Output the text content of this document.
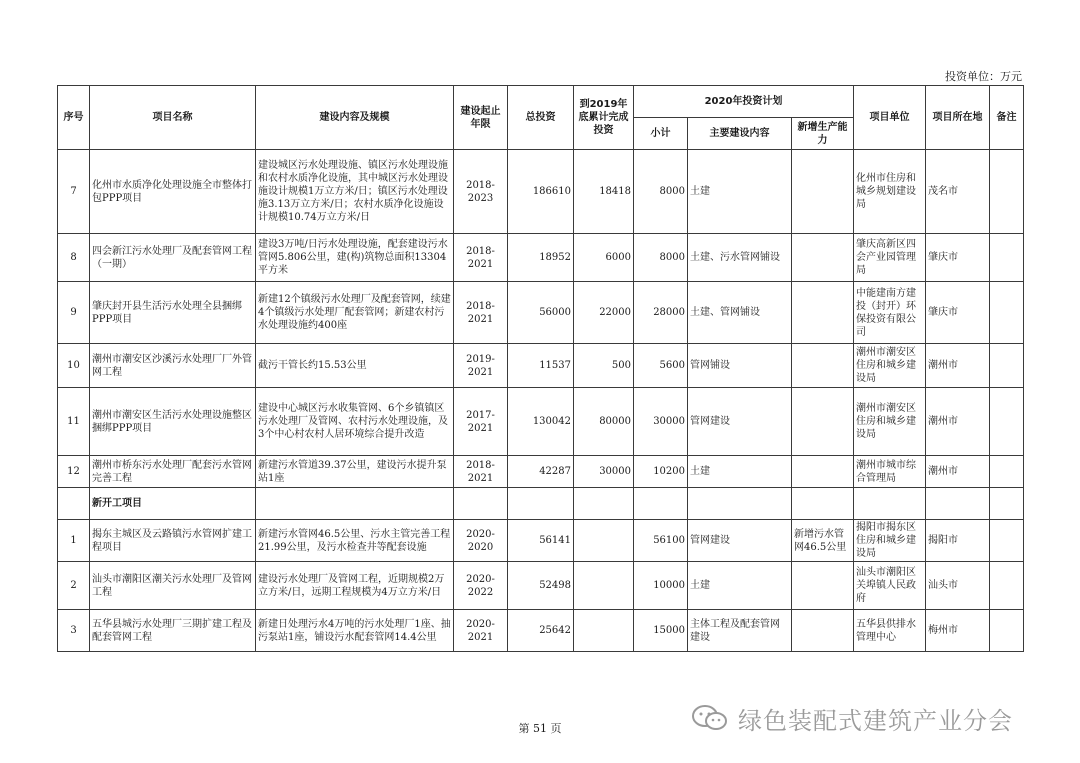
投资单位：万元
序号	项目名称	建设内容及规模	建设起止年限	总投资	到2019年底累计完成投资	2020年投资计划			项目单位	项目所在地	备注
						小计	主要建设内容	新增生产能力			
7	化州市水质净化处理设施全市整体打包PPP项目	建设城区污水处理设施、镇区污水处理设施和农村水质净化设施，其中城区污水处理设施设计规模1万立方米/日；镇区污水处理设施3.13万立方米/日；农村水质净化设施设计规模10.74万立方米/日	2018-2023	186610	18418	8000	土建		化州市住房和城乡规划建设局	茂名市	
8	四会新江污水处理厂及配套管网工程（一期）	建设3万吨/日污水处理设施，配套建设污水管网5.806公里，建(构)筑物总面积13304平方米	2018-2021	18952	6000	8000	土建、污水管网铺设		肇庆高新区四会产业园管理局	肇庆市	
9	肇庆封开县生活污水处理全县捆绑PPP项目	新建12个镇级污水处理厂及配套管网，续建4个镇级污水处理厂配套管网；新建农村污水处理设施约400座	2018-2021	56000	22000	28000	土建、管网铺设		中能建南方建投（封开）环保投资有限公司	肇庆市	
10	潮州市潮安区沙溪污水处理厂厂外管网工程	截污干管长约15.53公里	2019-2021	11537	500	5600	管网铺设		潮州市潮安区住房和城乡建设局	潮州市	
11	潮州市潮安区生活污水处理设施整区捆绑PPP项目	建设中心城区污水收集管网、6个乡镇镇区污水处理厂及管网、农村污水处理设施，及3个中心村农村人居环境综合提升改造	2017-2021	130042	80000	30000	管网建设		潮州市潮安区住房和城乡建设局	潮州市	
12	潮州市桥东污水处理厂配套污水管网完善工程	新建污水管道39.37公里，建设污水提升泵站1座	2018-2021	42287	30000	10200	土建		潮州市城市综合管理局	潮州市	
	新开工项目										
1	揭东主城区及云路镇污水管网扩建工程项目	新建污水管网46.5公里、污水主管完善工程21.99公里，及污水检查井等配套设施	2020-2020	56141		56100	管网建设	新增污水管网46.5公里	揭阳市揭东区住房和城乡建设局	揭阳市	
2	汕头市潮阳区潮关污水处理厂及管网工程	建设污水处理厂及管网工程，近期规模2万立方米/日，远期工程规模为4万立方米/日	2020-2022	52498		10000	土建		汕头市潮阳区关埠镇人民政府	汕头市	
3	五华县城污水处理厂三期扩建工程及配套管网工程	新建日处理污水4万吨的污水处理厂1座、抽污泵站1座，铺设污水配套管网14.4公里	2020-2021	25642		15000	主体工程及配套管网建设		五华县供排水管理中心	梅州市	
绿色装配式建筑产业分会
第 51 页
